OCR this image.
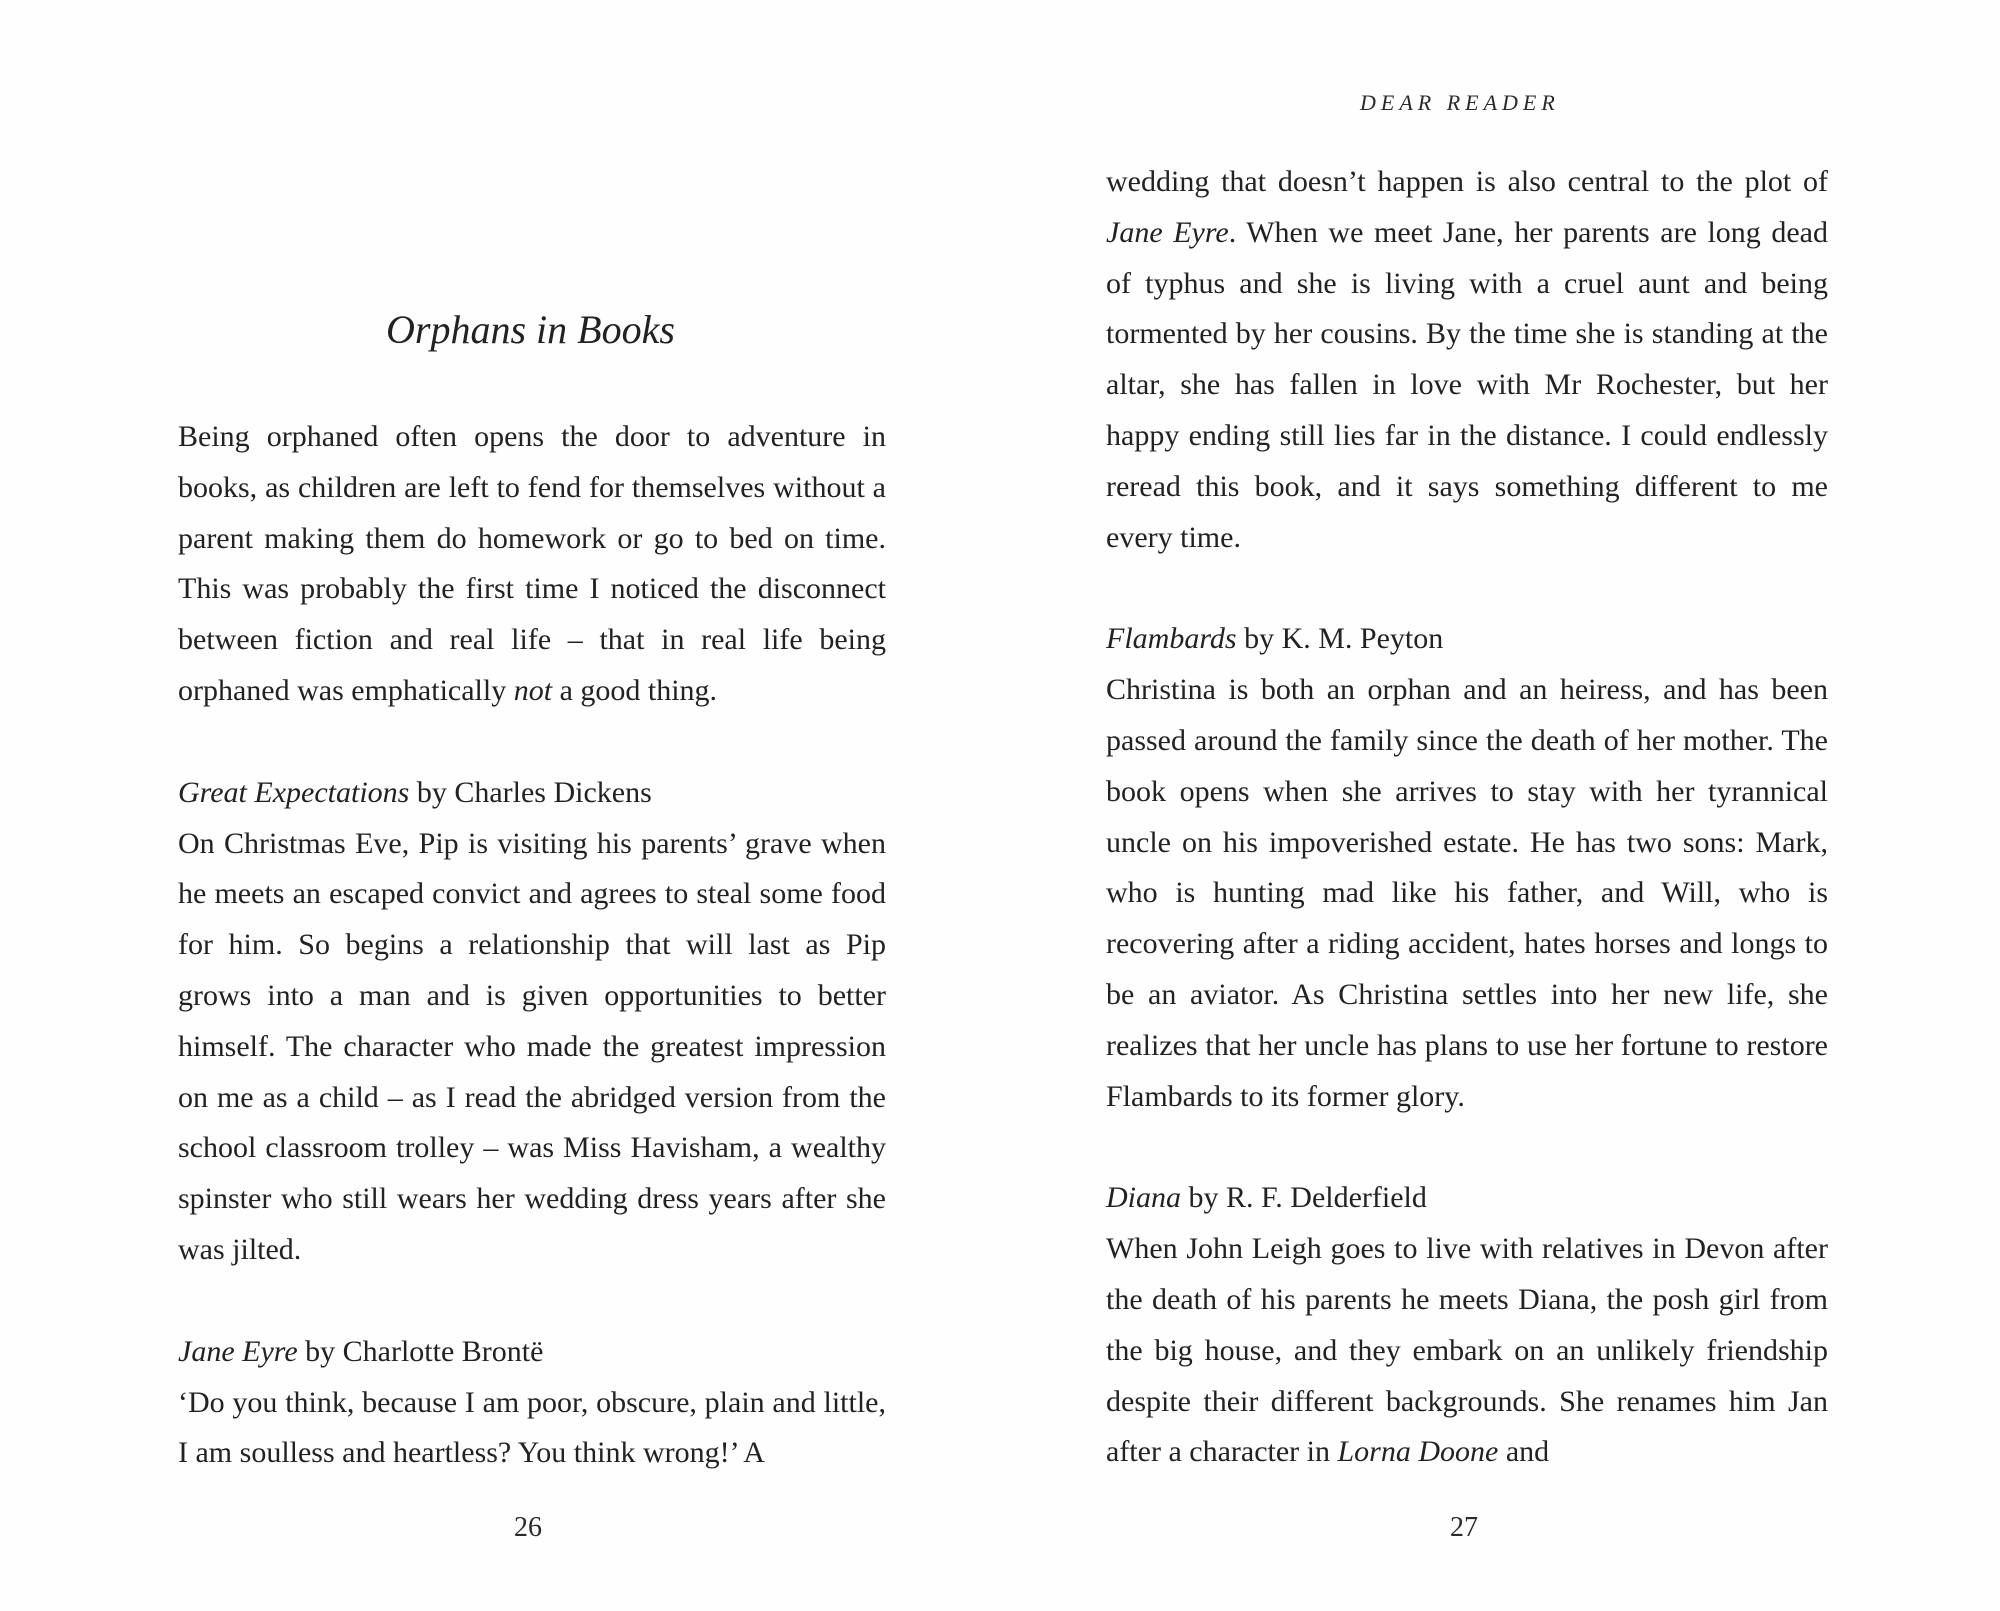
Orphans in Books

Being orphaned often opens the door to adventure in books, as children are left to fend for themselves without a parent making them do homework or go to bed on time. This was probably the first time I noticed the disconnect between fiction and real life – that in real life being orphaned was emphatically not a good thing.

Great Expectations by Charles Dickens

On Christmas Eve, Pip is visiting his parents’ grave when he meets an escaped convict and agrees to steal some food for him. So begins a relationship that will last as Pip grows into a man and is given opportunities to better himself. The character who made the greatest impression on me as a child – as I read the abridged version from the school classroom trolley – was Miss Havisham, a wealthy spinster who still wears her wedding dress years after she was jilted.

Jane Eyre by Charlotte Brontë

‘Do you think, because I am poor, obscure, plain and little, I am soulless and heartless? You think wrong!’ A

26
DEAR READER

wedding that doesn’t happen is also central to the plot of Jane Eyre. When we meet Jane, her parents are long dead of typhus and she is living with a cruel aunt and being tormented by her cousins. By the time she is standing at the altar, she has fallen in love with Mr Rochester, but her happy ending still lies far in the distance. I could endlessly reread this book, and it says something different to me every time.

Flambards by K. M. Peyton

Christina is both an orphan and an heiress, and has been passed around the family since the death of her mother. The book opens when she arrives to stay with her tyrannical uncle on his impoverished estate. He has two sons: Mark, who is hunting mad like his father, and Will, who is recovering after a riding accident, hates horses and longs to be an aviator. As Christina settles into her new life, she realizes that her uncle has plans to use her fortune to restore Flambards to its former glory.

Diana by R. F. Delderfield

When John Leigh goes to live with relatives in Devon after the death of his parents he meets Diana, the posh girl from the big house, and they embark on an unlikely friendship despite their different backgrounds. She renames him Jan after a character in Lorna Doone and

27
